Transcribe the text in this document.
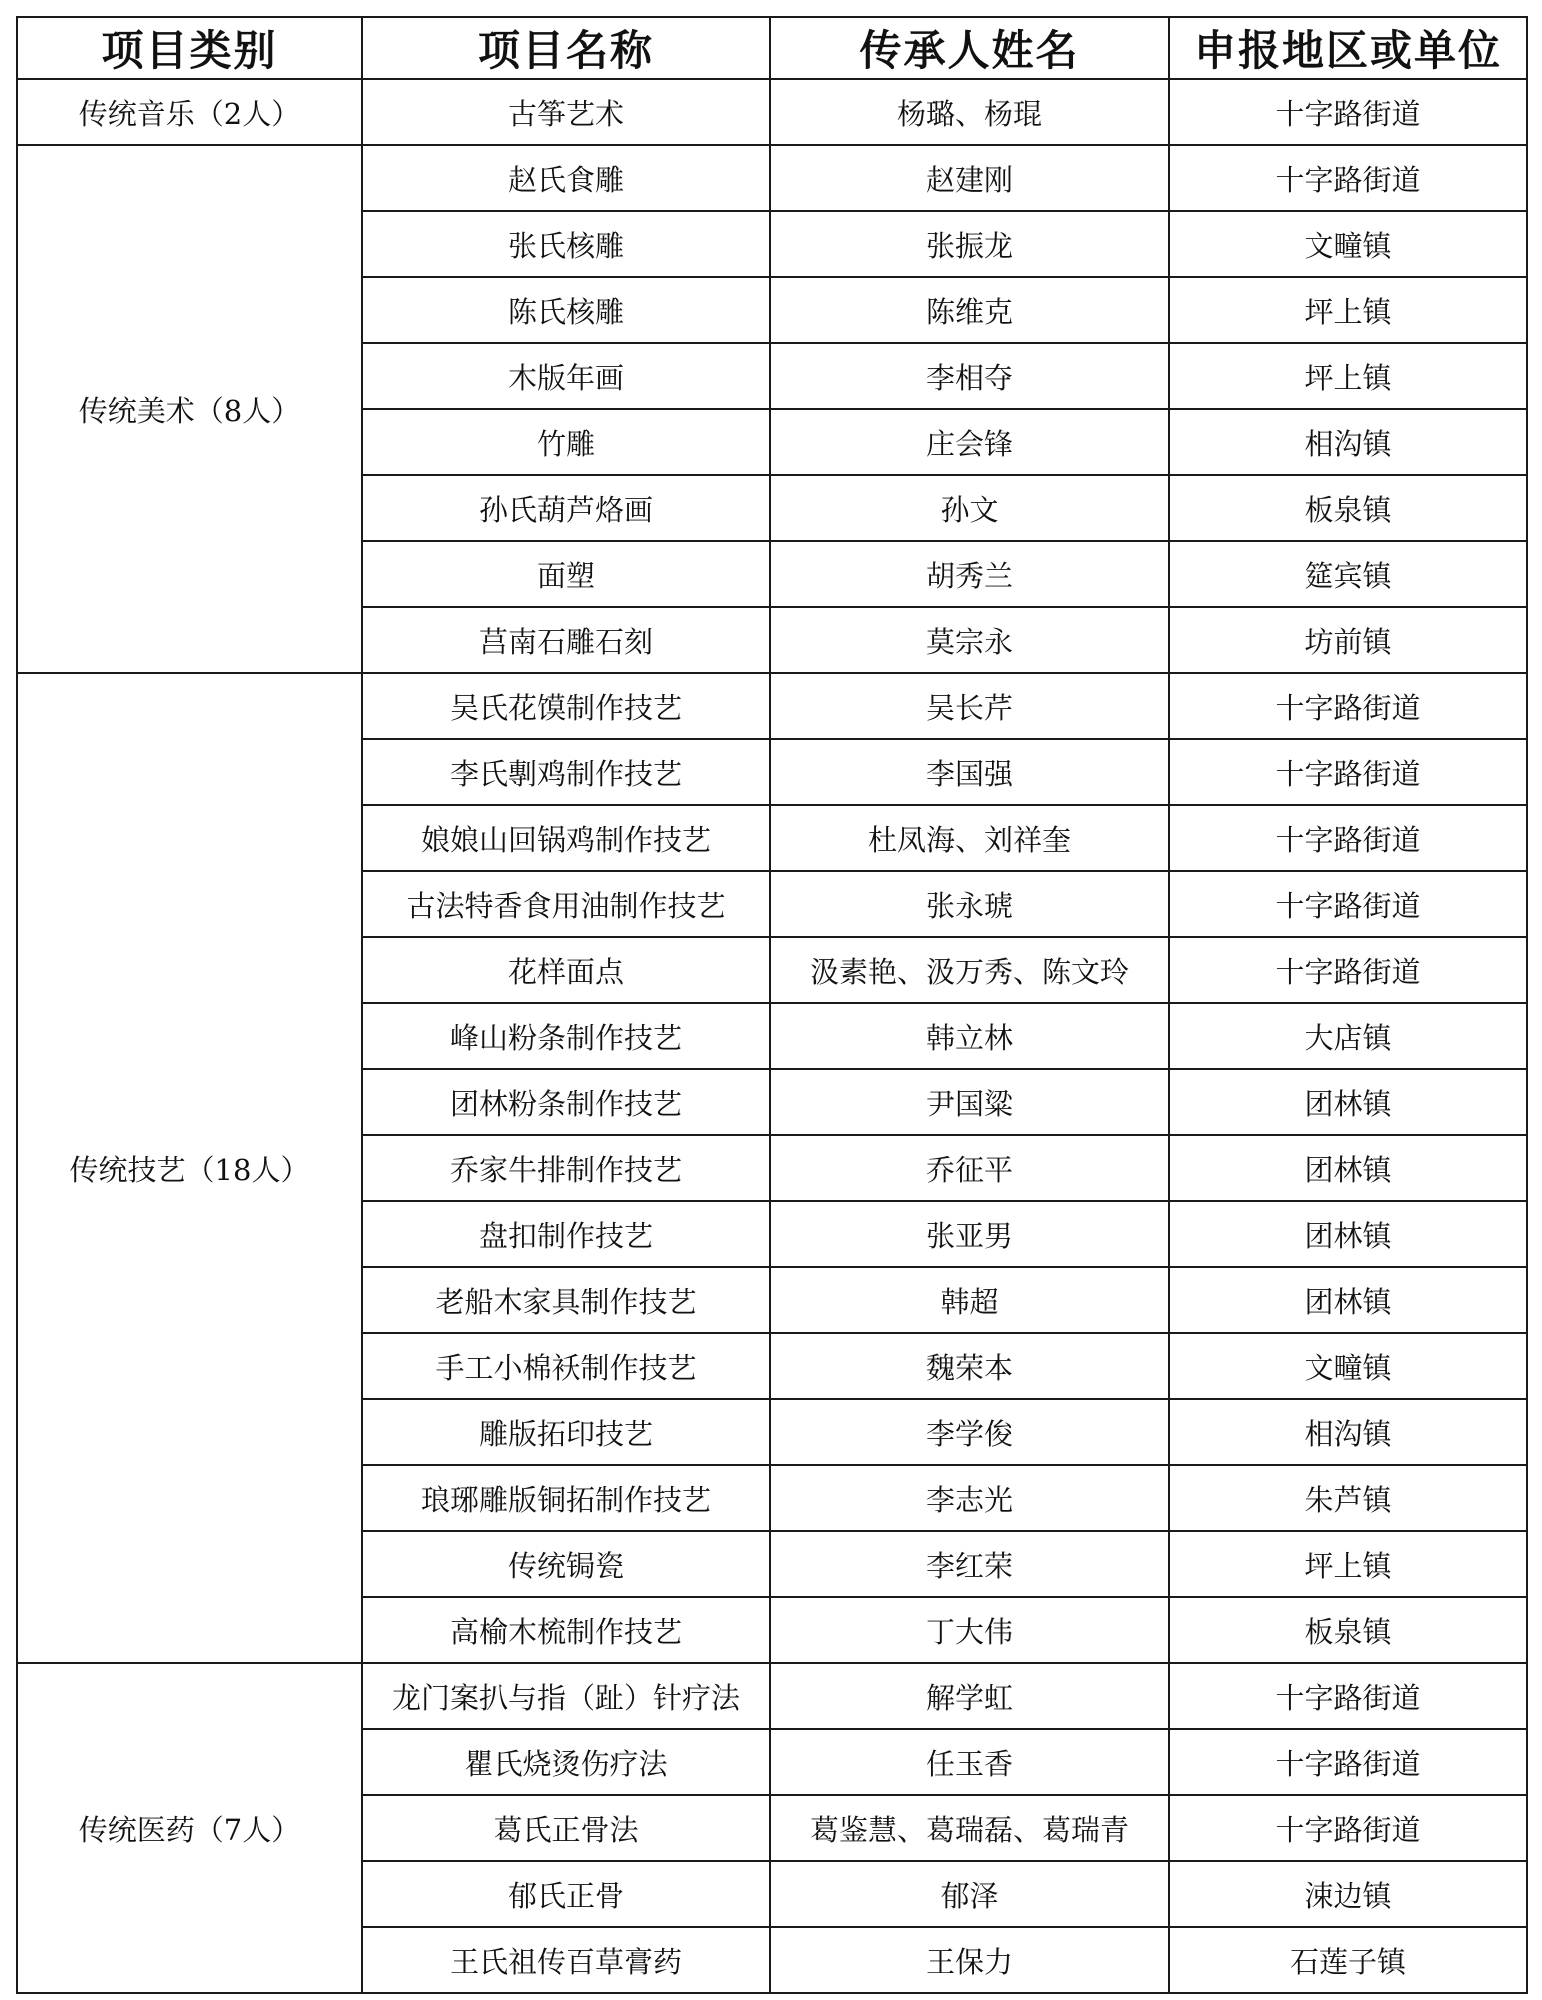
项目类别	项目名称	传承人姓名	申报地区或单位
传统音乐（2人）	古筝艺术	杨璐、杨琨	十字路街道
传统美术（8人）	赵氏食雕	赵建刚	十字路街道
	张氏核雕	张振龙	文疃镇
	陈氏核雕	陈维克	坪上镇
	木版年画	李相夺	坪上镇
	竹雕	庄会锋	相沟镇
	孙氏葫芦烙画	孙文	板泉镇
	面塑	胡秀兰	筵宾镇
	莒南石雕石刻	莫宗永	坊前镇
传统技艺（18人）	吴氏花馍制作技艺	吴长芹	十字路街道
	李氏剸鸡制作技艺	李国强	十字路街道
	娘娘山回锅鸡制作技艺	杜凤海、刘祥奎	十字路街道
	古法特香食用油制作技艺	张永琥	十字路街道
	花样面点	汲素艳、汲万秀、陈文玲	十字路街道
	峰山粉条制作技艺	韩立林	大店镇
	团林粉条制作技艺	尹国粱	团林镇
	乔家牛排制作技艺	乔征平	团林镇
	盘扣制作技艺	张亚男	团林镇
	老船木家具制作技艺	韩超	团林镇
	手工小棉袄制作技艺	魏荣本	文疃镇
	雕版拓印技艺	李学俊	相沟镇
	琅琊雕版铜拓制作技艺	李志光	朱芦镇
	传统锔瓷	李红荣	坪上镇
	高榆木梳制作技艺	丁大伟	板泉镇
传统医药（7人）	龙门案扒与指（趾）针疗法	解学虹	十字路街道
	瞿氏烧烫伤疗法	任玉香	十字路街道
	葛氏正骨法	葛鉴慧、葛瑞磊、葛瑞青	十字路街道
	郁氏正骨	郁泽	涑边镇
	王氏祖传百草膏药	王保力	石莲子镇
